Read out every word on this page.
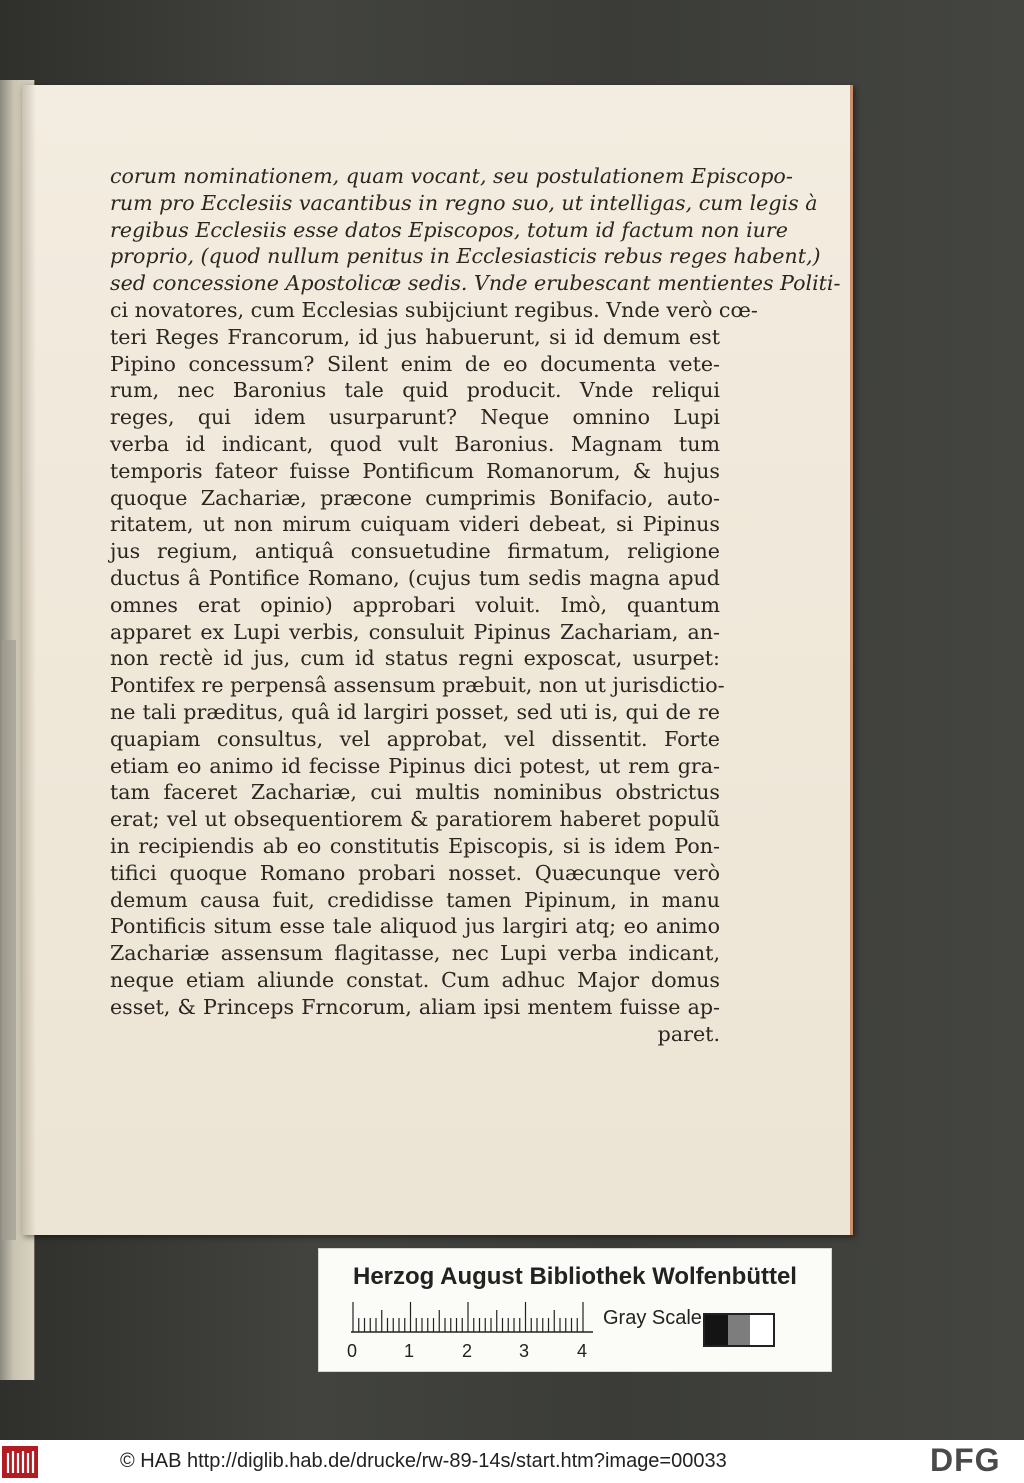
corum nominationem, quam vocant, seu postulationem Episcopo-
rum pro Ecclesiis vacantibus in regno suo, ut intelligas, cum legis à
regibus Ecclesiis esse datos Episcopos, totum id factum non iure
proprio, (quod nullum penitus in Ecclesiasticis rebus reges habent,)
sed concessione Apostolicæ sedis. Vnde erubescant mentientes Politi-
ci novatores, cum Ecclesias subijciunt regibus. Vnde verò cœ-
teri Reges Francorum, id jus habuerunt, si id demum est
Pipino concessum? Silent enim de eo documenta vete-
rum, nec Baronius tale quid producit. Vnde reliqui
reges, qui idem usurparunt? Neque omnino Lupi
verba id indicant, quod vult Baronius. Magnam tum
temporis fateor fuisse Pontificum Romanorum, & hujus
quoque Zachariæ, præcone cumprimis Bonifacio, auto-
ritatem, ut non mirum cuiquam videri debeat, si Pipinus
jus regium, antiquâ consuetudine firmatum, religione
ductus â Pontifice Romano, (cujus tum sedis magna apud
omnes erat opinio) approbari voluit. Imò, quantum
apparet ex Lupi verbis, consuluit Pipinus Zachariam, an-
non rectè id jus, cum id status regni exposcat, usurpet:
Pontifex re perpensâ assensum præbuit, non ut jurisdictio-
ne tali præditus, quâ id largiri posset, sed uti is, qui de re
quapiam consultus, vel approbat, vel dissentit. Forte
etiam eo animo id fecisse Pipinus dici potest, ut rem gra-
tam faceret Zachariæ, cui multis nominibus obstrictus
erat; vel ut obsequentiorem & paratiorem haberet populũ
in recipiendis ab eo constitutis Episcopis, si is idem Pon-
tifici quoque Romano probari nosset. Quæcunque verò
demum causa fuit, credidisse tamen Pipinum, in manu
Pontificis situm esse tale aliquod jus largiri atq; eo animo
Zachariæ assensum flagitasse, nec Lupi verba indicant,
neque etiam aliunde constat. Cum adhuc Major domus
esset, & Princeps Frncorum, aliam ipsi mentem fuisse ap-
paret.
Herzog August Bibliothek Wolfenbüttel
0	1	2	3	4
Gray Scale
© HAB http://diglib.hab.de/drucke/rw-89-14s/start.htm?image=00033	DFG
